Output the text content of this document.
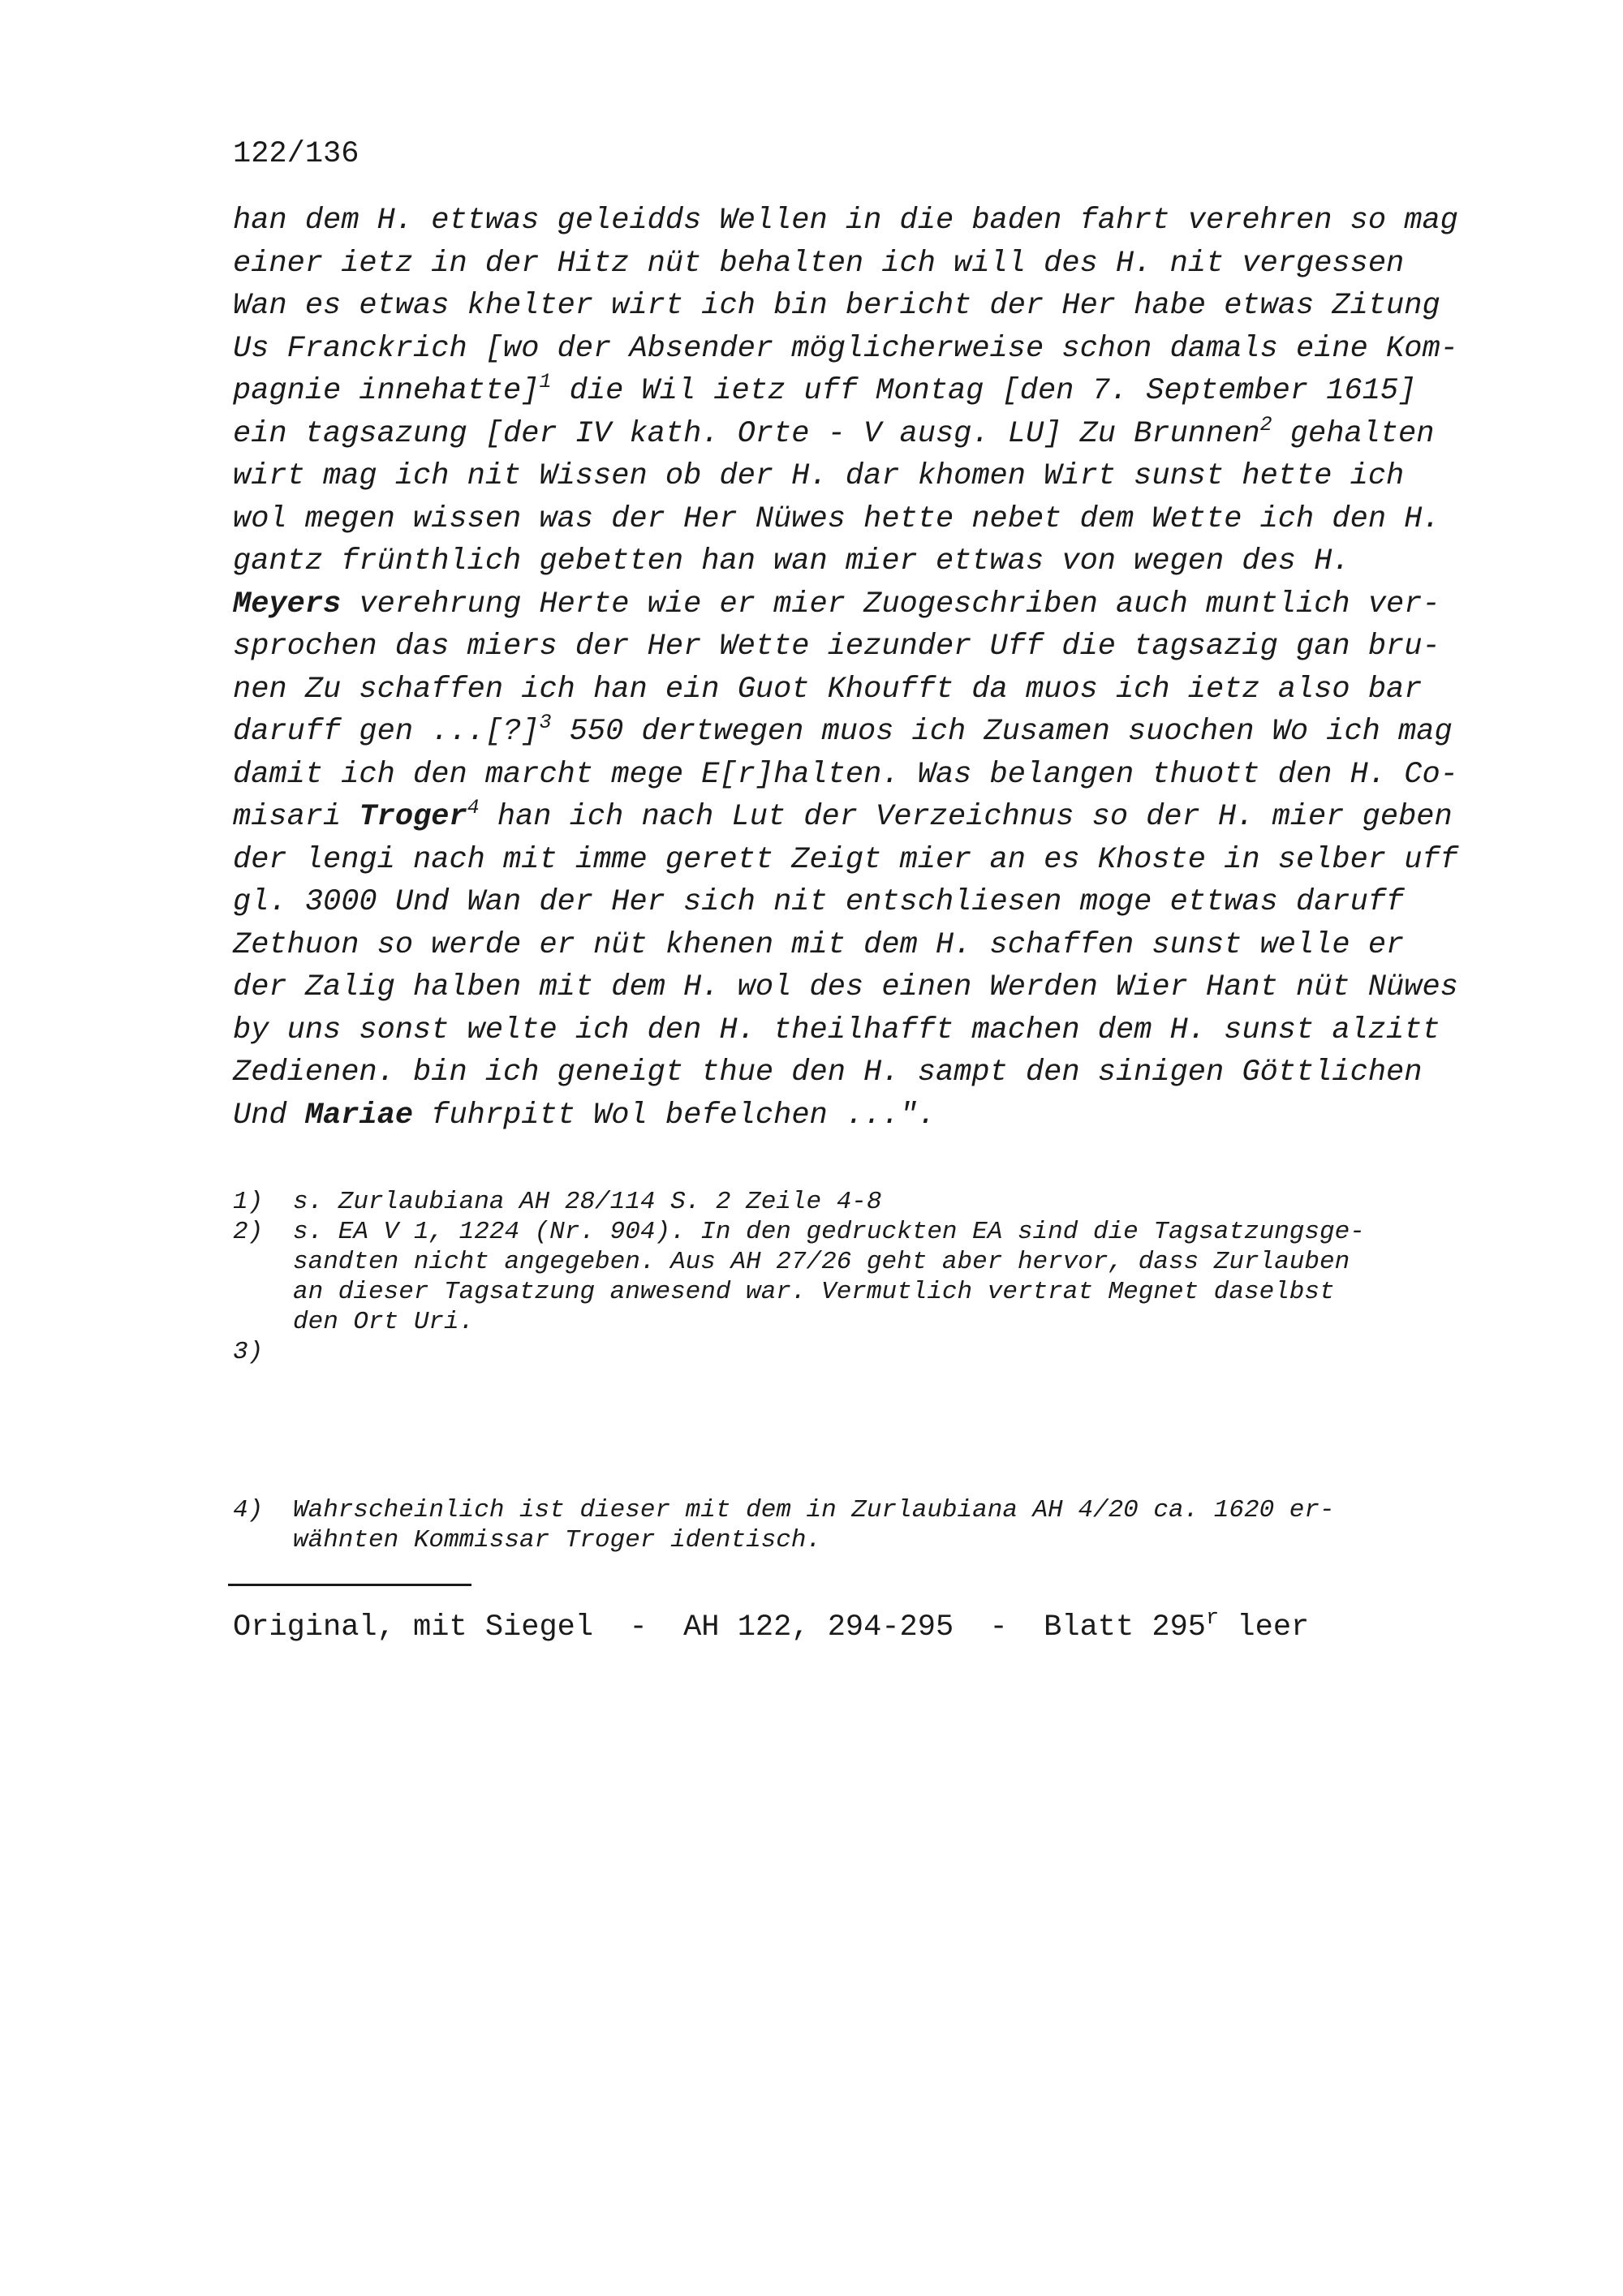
122/136
han dem H. ettwas geleidds Wellen in die baden fahrt verehren so mag
einer ietz in der Hitz nüt behalten ich will des H. nit vergessen
Wan es etwas khelter wirt ich bin bericht der Her habe etwas Zitung
Us Franckrich [wo der Absender möglicherweise schon damals eine Kom-
pagnie innehatte]$^1$ die Wil ietz uff Montag [den 7. September 1615]
ein tagsazung [der IV kath. Orte - V ausg. LU] Zu Brunnen$^2$ gehalten
wirt mag ich nit Wissen ob der H. dar khomen Wirt sunst hette ich
wol megen wissen was der Her Nüwes hette nebet dem Wette ich den H.
gantz frünthlich gebetten han wan mier ettwas von wegen des H.
Meyers verehrung Herte wie er mier Zuogeschriben auch muntlich ver-
sprochen das miers der Her Wette iezunder Uff die tagsazig gan bru-
nen Zu schaffen ich han ein Guot Khoufft da muos ich ietz also bar
daruff gen ...[?]$^3$ 550 dertwegen muos ich Zusamen suochen Wo ich mag
damit ich den marcht mege E[r]halten. Was belangen thuott den H. Co-
misari Troger$^4$ han ich nach Lut der Verzeichnus so der H. mier geben
der lengi nach mit imme gerett Zeigt mier an es Khoste in selber uff
gl. 3000 Und Wan der Her sich nit entschliesen moge ettwas daruff
Zethuon so werde er nüt khenen mit dem H. schaffen sunst welle er
der Zalig halben mit dem H. wol des einen Werden Wier Hant nüt Nüwes
by uns sonst welte ich den H. theilhafft machen dem H. sunst alzitt
Zedienen. bin ich geneigt thue den H. sampt den sinigen Göttlichen
Und Mariae fuhrpitt Wol befelchen ...".
1) s. Zurlaubiana AH 28/114 S. 2 Zeile 4-8
2) s. EA V 1, 1224 (Nr. 904). In den gedruckten EA sind die Tagsatzungsge-
sandten nicht angegeben. Aus AH 27/26 geht aber hervor, dass Zurlauben
an dieser Tagsatzung anwesend war. Vermutlich vertrat Megnet daselbst
den Ort Uri.
3)
4) Wahrscheinlich ist dieser mit dem in Zurlaubiana AH 4/20 ca. 1620 er-
wähnten Kommissar Troger identisch.
Original, mit Siegel  -  AH 122, 294-295  -  Blatt 295$^r$ leer
